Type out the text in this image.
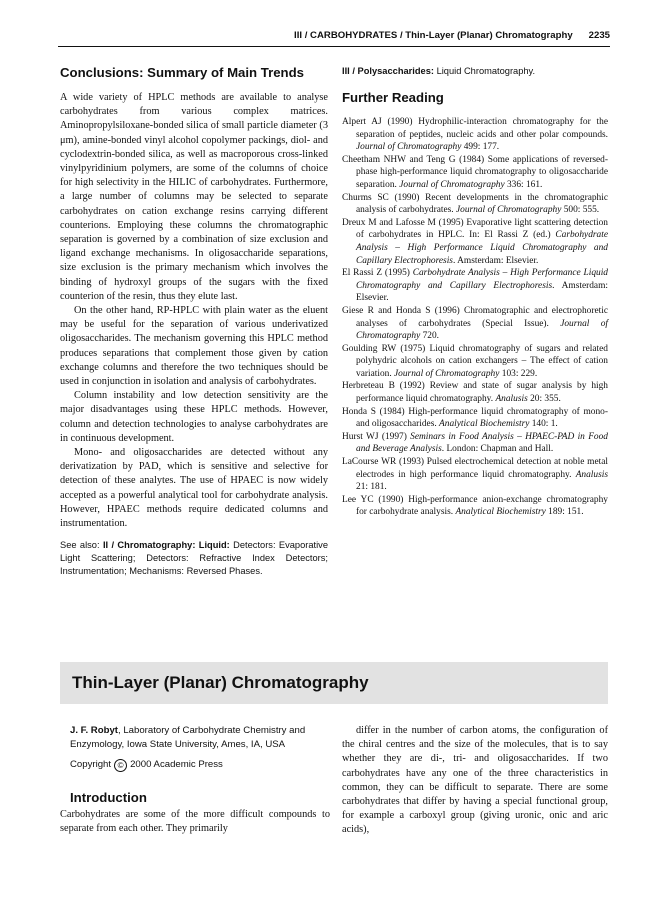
III / CARBOHYDRATES / Thin-Layer (Planar) Chromatography 2235
Conclusions: Summary of Main Trends

A wide variety of HPLC methods are available to analyse carbohydrates from various complex matrices. Aminopropylsiloxane-bonded silica of small particle diameter (3 μm), amine-bonded vinyl alcohol copolymer packings, diol- and cyclodextrin-bonded silica, as well as macroporous cross-linked vinylpyridinium polymers, are some of the columns of choice for high selectivity in the HILIC of carbohydrates. Furthermore, a large number of columns may be selected to separate carbohydrates on cation exchange resins carrying different counterions. Employing these columns the chromatographic separation is governed by a combination of size exclusion and ligand exchange mechanisms. In oligosaccharide separations, size exclusion is the primary mechanism which involves the binding of hydroxyl groups of the sugars with the fixed counterion of the resin, thus they elute last.

On the other hand, RP-HPLC with plain water as the eluent may be useful for the separation of various underivatized oligosaccharides. The mechanism governing this HPLC method produces separations that complement those given by cation exchange columns and therefore the two techniques should be used in conjunction in isolation and analysis of carbohydrates.

Column instability and low detection sensitivity are the major disadvantages using these HPLC methods. However, column and detection technologies to analyse carbohydrates are in continuous development.

Mono- and oligosaccharides are detected without any derivatization by PAD, which is sensitive and selective for detection of these analytes. The use of HPAEC is now widely accepted as a powerful analytical tool for carbohydrate analysis. However, HPAEC methods require dedicated columns and instrumentation.

See also: II / Chromatography: Liquid: Detectors: Evaporative Light Scattering; Detectors: Refractive Index Detectors; Instrumentation; Mechanisms: Reversed Phases.
III / Polysaccharides: Liquid Chromatography.
Further Reading
Alpert AJ (1990) Hydrophilic-interaction chromatography for the separation of peptides, nucleic acids and other polar compounds. Journal of Chromatography 499: 177.
Cheetham NHW and Teng G (1984) Some applications of reversed-phase high-performance liquid chromatography to oligosaccharide separation. Journal of Chromatography 336: 161.
Churms SC (1990) Recent developments in the chromatographic analysis of carbohydrates. Journal of Chromatography 500: 555.
Dreux M and Lafosse M (1995) Evaporative light scattering detection of carbohydrates in HPLC. In: El Rassi Z (ed.) Carbohydrate Analysis – High Performance Liquid Chromatography and Capillary Electrophoresis. Amsterdam: Elsevier.
El Rassi Z (1995) Carbohydrate Analysis – High Performance Liquid Chromatography and Capillary Electrophoresis. Amsterdam: Elsevier.
Giese R and Honda S (1996) Chromatographic and electrophoretic analyses of carbohydrates (Special Issue). Journal of Chromatography 720.
Goulding RW (1975) Liquid chromatography of sugars and related polyhydric alcohols on cation exchangers – The effect of cation variation. Journal of Chromatography 103: 229.
Herbreteau B (1992) Review and state of sugar analysis by high performance liquid chromatography. Analusis 20: 355.
Honda S (1984) High-performance liquid chromatography of mono- and oligosaccharides. Analytical Biochemistry 140: 1.
Hurst WJ (1997) Seminars in Food Analysis – HPAEC-PAD in Food and Beverage Analysis. London: Chapman and Hall.
LaCourse WR (1993) Pulsed electrochemical detection at noble metal electrodes in high performance liquid chromatography. Analusis 21: 181.
Lee YC (1990) High-performance anion-exchange chromatography for carbohydrate analysis. Analytical Biochemistry 189: 151.
Thin-Layer (Planar) Chromatography
J. F. Robyt, Laboratory of Carbohydrate Chemistry and Enzymology, Iowa State University, Ames, IA, USA
Copyright © 2000 Academic Press
Introduction

Carbohydrates are some of the more difficult compounds to separate from each other. They primarily

differ in the number of carbon atoms, the configuration of the chiral centres and the size of the molecules, that is to say whether they are di-, tri- and oligosaccharides. If two carbohydrates have any one of the three characteristics in common, they can be difficult to separate. There are some carbohydrates that differ by having a special functional group, for example a carboxyl group (giving uronic, onic and aric acids),
